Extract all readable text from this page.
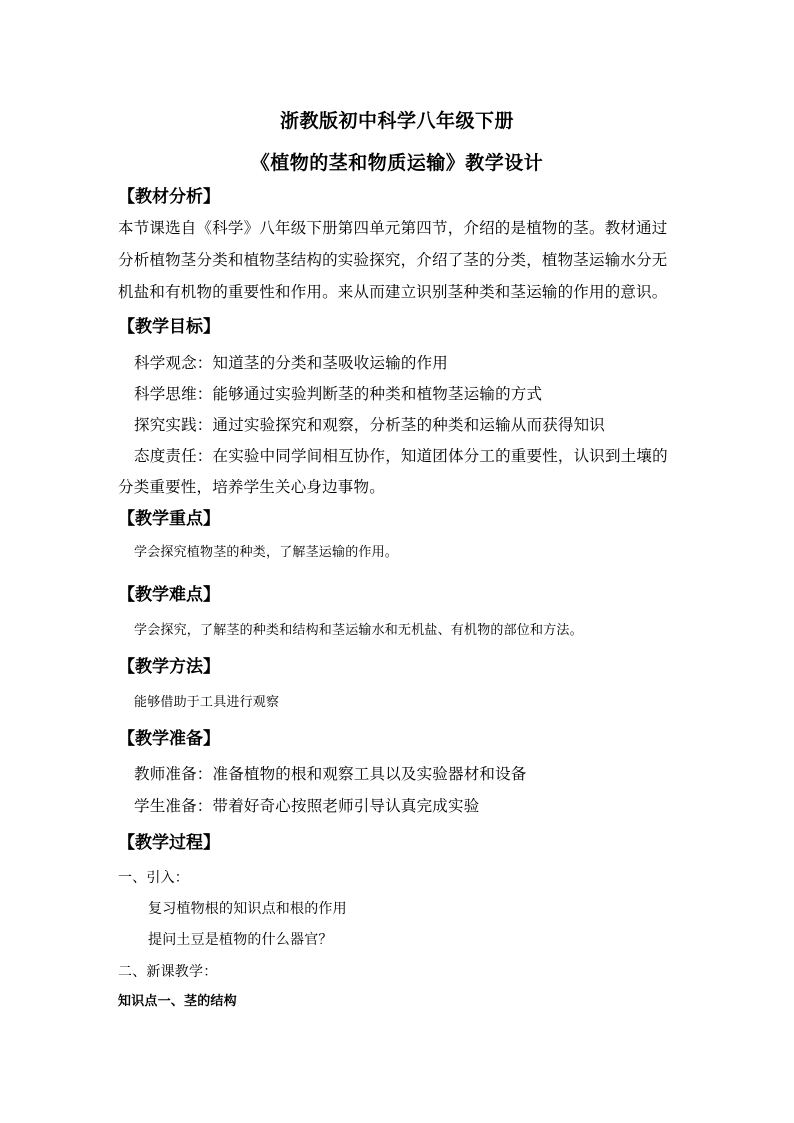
浙教版初中科学八年级下册
《植物的茎和物质运输》教学设计
【教材分析】
本节课选自《科学》八年级下册第四单元第四节，介绍的是植物的茎。教材通过
分析植物茎分类和植物茎结构的实验探究，介绍了茎的分类，植物茎运输水分无
机盐和有机物的重要性和作用。来从而建立识别茎种类和茎运输的作用的意识。
【教学目标】
科学观念：知道茎的分类和茎吸收运输的作用
科学思维：能够通过实验判断茎的种类和植物茎运输的方式
探究实践：通过实验探究和观察，分析茎的种类和运输从而获得知识
态度责任：在实验中同学间相互协作，知道团体分工的重要性，认识到土壤的
分类重要性，培养学生关心身边事物。
【教学重点】
学会探究植物茎的种类，了解茎运输的作用。
【教学难点】
学会探究，了解茎的种类和结构和茎运输水和无机盐、有机物的部位和方法。
【教学方法】
能够借助于工具进行观察
【教学准备】
教师准备：准备植物的根和观察工具以及实验器材和设备
学生准备：带着好奇心按照老师引导认真完成实验
【教学过程】
一、引入：
复习植物根的知识点和根的作用
提问土豆是植物的什么器官？
二、新课教学：
知识点一、茎的结构
